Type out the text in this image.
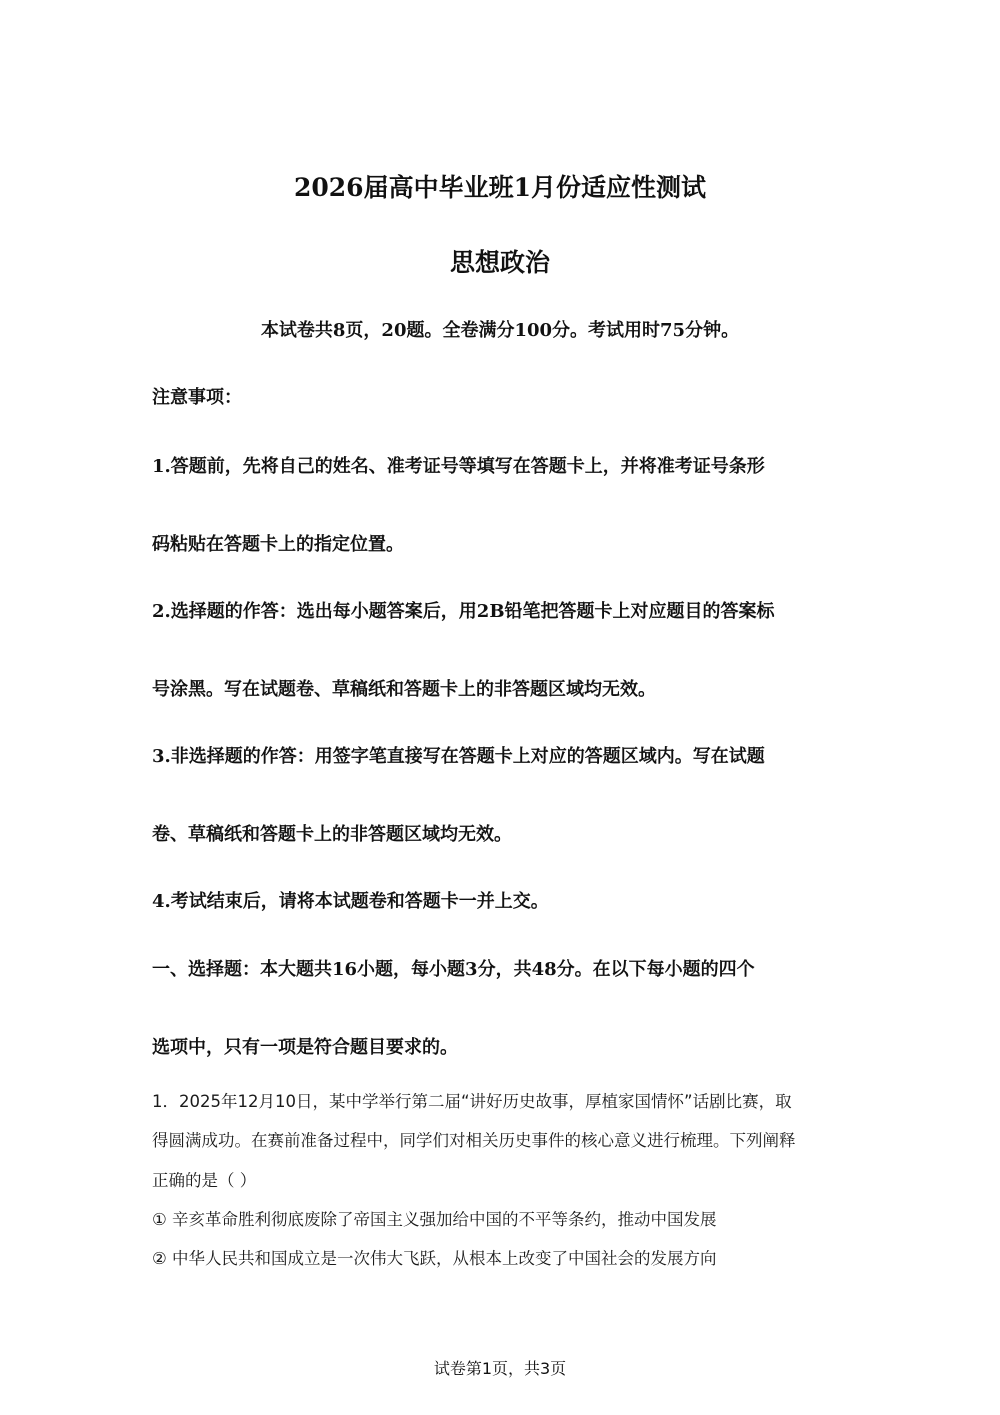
2026届高中毕业班1月份适应性测试
思想政治
本试卷共8页，20题。全卷满分100分。考试用时75分钟。
注意事项：
1.答题前，先将自己的姓名、准考证号等填写在答题卡上，并将准考证号条形
码粘贴在答题卡上的指定位置。
2.选择题的作答：选出每小题答案后，用2B铅笔把答题卡上对应题目的答案标
号涂黑。写在试题卷、草稿纸和答题卡上的非答题区域均无效。
3.非选择题的作答：用签字笔直接写在答题卡上对应的答题区域内。写在试题
卷、草稿纸和答题卡上的非答题区域均无效。
4.考试结束后，请将本试题卷和答题卡一并上交。
一、选择题：本大题共16小题，每小题3分，共48分。在以下每小题的四个
选项中，只有一项是符合题目要求的。
1．2025年12月10日，某中学举行第二届“讲好历史故事，厚植家国情怀”话剧比赛，取
得圆满成功。在赛前准备过程中，同学们对相关历史事件的核心意义进行梳理。下列阐释
正确的是（ ）
① 辛亥革命胜利彻底废除了帝国主义强加给中国的不平等条约，推动中国发展
② 中华人民共和国成立是一次伟大飞跃，从根本上改变了中国社会的发展方向
试卷第1页，共3页
